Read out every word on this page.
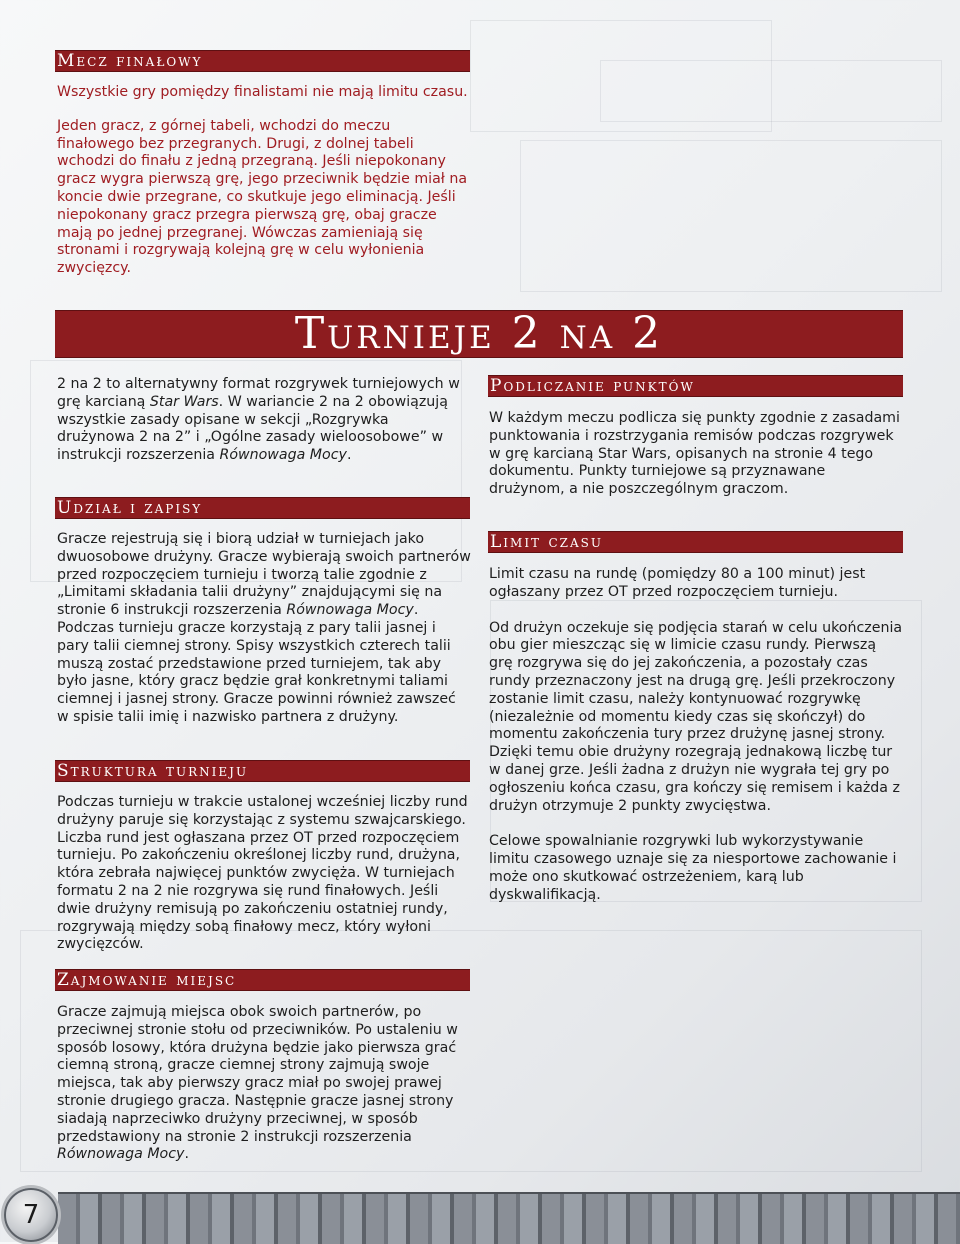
Mecz finałowy

Wszystkie gry pomiędzy finalistami nie mają limitu czasu.

Jeden gracz, z górnej tabeli, wchodzi do meczu finałowego bez przegranych. Drugi, z dolnej tabeli wchodzi do finału z jedną przegraną. Jeśli niepokonany gracz wygra pierwszą grę, jego przeciwnik będzie miał na koncie dwie przegrane, co skutkuje jego eliminacją. Jeśli niepokonany gracz przegra pierwszą grę, obaj gracze mają po jednej przegranej. Wówczas zamieniają się stronami i rozgrywają kolejną grę w celu wyłonienia zwycięzcy.

Turnieje 2 na 2
2 na 2 to alternatywny format rozgrywek turniejowych w grę karcianą Star Wars. W wariancie 2 na 2 obowiązują wszystkie zasady opisane w sekcji „Rozgrywka drużynowa 2 na 2” i „Ogólne zasady wieloosobowe” w instrukcji rozszerzenia Równowaga Mocy.
Udział i zapisy
Gracze rejestrują się i biorą udział w turniejach jako dwuosobowe drużyny. Gracze wybierają swoich partnerów przed rozpoczęciem turnieju i tworzą talie zgodnie z „Limitami składania talii drużyny” znajdującymi się na stronie 6 instrukcji rozszerzenia Równowaga Mocy. Podczas turnieju gracze korzystają z pary talii jasnej i pary talii ciemnej strony. Spisy wszystkich czterech talii muszą zostać przedstawione przed turniejem, tak aby było jasne, który gracz będzie grał konkretnymi taliami ciemnej i jasnej strony. Gracze powinni również zawszeć w spisie talii imię i nazwisko partnera z drużyny.
Struktura turnieju
Podczas turnieju w trakcie ustalonej wcześniej liczby rund drużyny paruje się korzystając z systemu szwajcarskiego. Liczba rund jest ogłaszana przez OT przed rozpoczęciem turnieju. Po zakończeniu określonej liczby rund, drużyna, która zebrała najwięcej punktów zwycięża. W turniejach formatu 2 na 2 nie rozgrywa się rund finałowych. Jeśli dwie drużyny remisują po zakończeniu ostatniej rundy, rozgrywają między sobą finałowy mecz, który wyłoni zwycięzców.
Zajmowanie miejsc
Gracze zajmują miejsca obok swoich partnerów, po przeciwnej stronie stołu od przeciwników. Po ustaleniu w sposób losowy, która drużyna będzie jako pierwsza grać ciemną stroną, gracze ciemnej strony zajmują swoje miejsca, tak aby pierwszy gracz miał po swojej prawej stronie drugiego gracza. Następnie gracze jasnej strony siadają naprzeciwko drużyny przeciwnej, w sposób przedstawiony na stronie 2 instrukcji rozszerzenia Równowaga Mocy.
Podliczanie punktów
W każdym meczu podlicza się punkty zgodnie z zasadami punktowania i rozstrzygania remisów podczas rozgrywek w grę karcianą Star Wars, opisanych na stronie 4 tego dokumentu. Punkty turniejowe są przyznawane drużynom, a nie poszczególnym graczom.
Limit czasu

Limit czasu na rundę (pomiędzy 80 a 100 minut) jest ogłaszany przez OT przed rozpoczęciem turnieju.

Od drużyn oczekuje się podjęcia starań w celu ukończenia obu gier mieszcząc się w limicie czasu rundy. Pierwszą grę rozgrywa się do jej zakończenia, a pozostały czas rundy przeznaczony jest na drugą grę. Jeśli przekroczony zostanie limit czasu, należy kontynuować rozgrywkę (niezależnie od momentu kiedy czas się skończył) do momentu zakończenia tury przez drużynę jasnej strony. Dzięki temu obie drużyny rozegrają jednakową liczbę tur w danej grze. Jeśli żadna z drużyn nie wygrała tej gry po ogłoszeniu końca czasu, gra kończy się remisem i każda z drużyn otrzymuje 2 punkty zwycięstwa.

Celowe spowalnianie rozgrywki lub wykorzystywanie limitu czasowego uznaje się za niesportowe zachowanie i może ono skutkować ostrzeżeniem, karą lub dyskwalifikacją.

7
